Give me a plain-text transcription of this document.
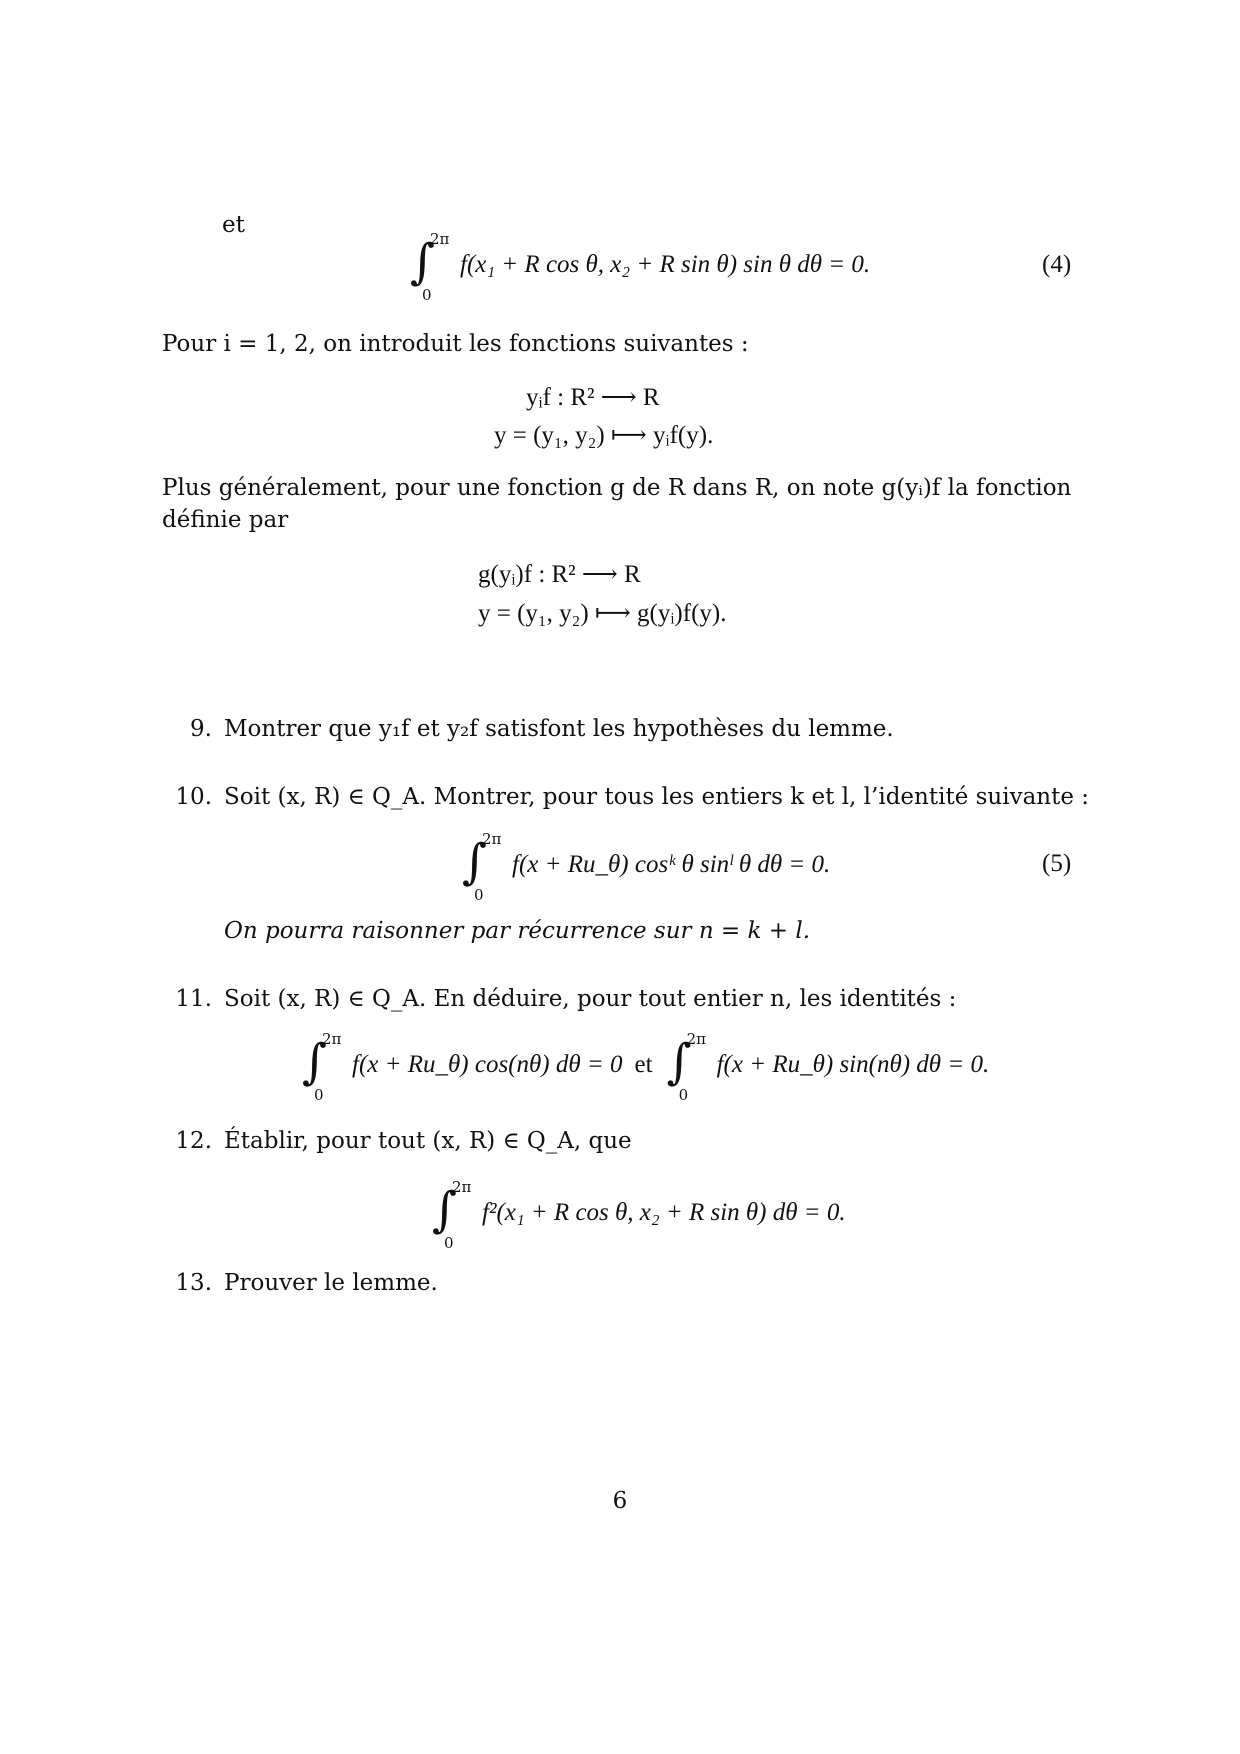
et
∫
2π
0
f(x₁ + R cos θ, x₂ + R sin θ) sin θ dθ = 0.	(4)
Pour i = 1, 2, on introduit les fonctions suivantes :
yᵢf : R² ⟶ R
y = (y₁, y₂) ⟼ yᵢf(y).
Plus généralement, pour une fonction g de R dans R, on note g(yᵢ)f la fonction définie par
g(yᵢ)f : R² ⟶ R
y = (y₁, y₂) ⟼ g(yᵢ)f(y).
9. Montrer que y₁f et y₂f satisfont les hypothèses du lemme.
10. Soit (x, R) ∈ Q_A. Montrer, pour tous les entiers k et l, l’identité suivante :
∫
2π
0
f(x + Ru_θ) cosᵏ θ sinˡ θ dθ = 0.	(5)
On pourra raisonner par récurrence sur n = k + l.
11. Soit (x, R) ∈ Q_A. En déduire, pour tout entier n, les identités :
∫
2π
0
f(x + Ru_θ) cos(nθ) dθ = 0 et ∫
2π
0
f(x + Ru_θ) sin(nθ) dθ = 0.
12. Établir, pour tout (x, R) ∈ Q_A, que
∫
2π
0
f²(x₁ + R cos θ, x₂ + R sin θ) dθ = 0.
13. Prouver le lemme.
6
